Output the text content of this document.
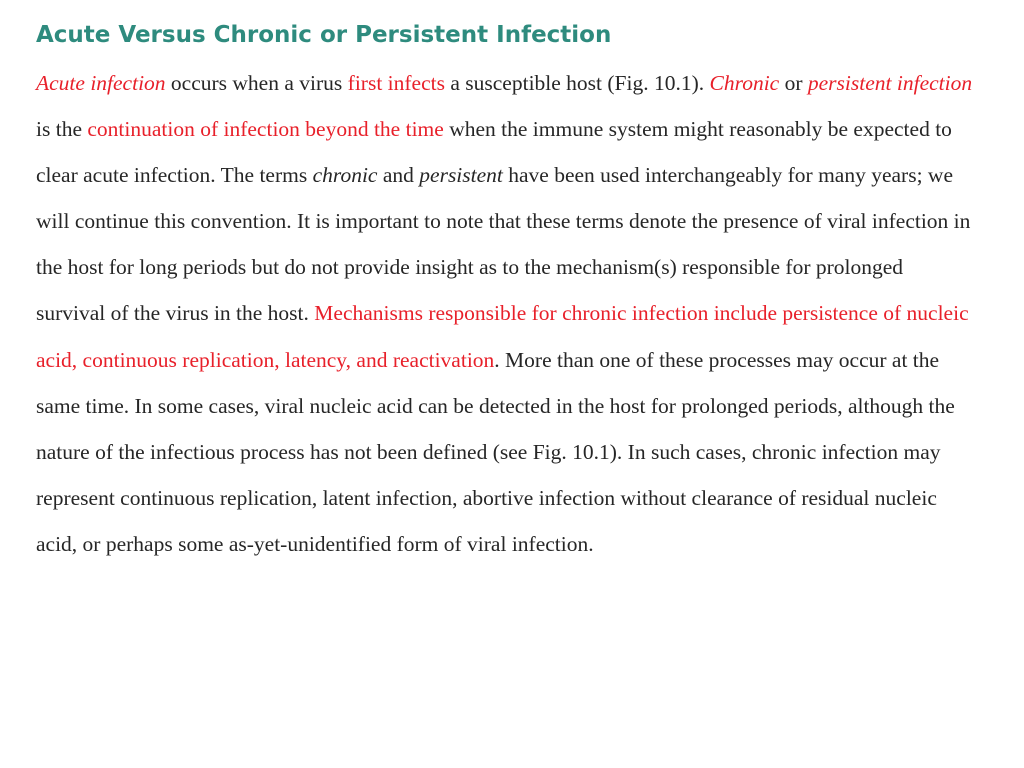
Acute Versus Chronic or Persistent Infection

Acute infection occurs when a virus first infects a susceptible host (Fig. 10.1). Chronic or persistent infection is the continuation of infection beyond the time when the immune system might reasonably be expected to clear acute infection. The terms chronic and persistent have been used interchangeably for many years; we will continue this convention. It is important to note that these terms denote the presence of viral infection in the host for long periods but do not provide insight as to the mechanism(s) responsible for prolonged survival of the virus in the host. Mechanisms responsible for chronic infection include persistence of nucleic acid, continuous replication, latency, and reactivation. More than one of these processes may occur at the same time. In some cases, viral nucleic acid can be detected in the host for prolonged periods, although the nature of the infectious process has not been defined (see Fig. 10.1). In such cases, chronic infection may represent continuous replication, latent infection, abortive infection without clearance of residual nucleic acid, or perhaps some as-yet-unidentified form of viral infection.
